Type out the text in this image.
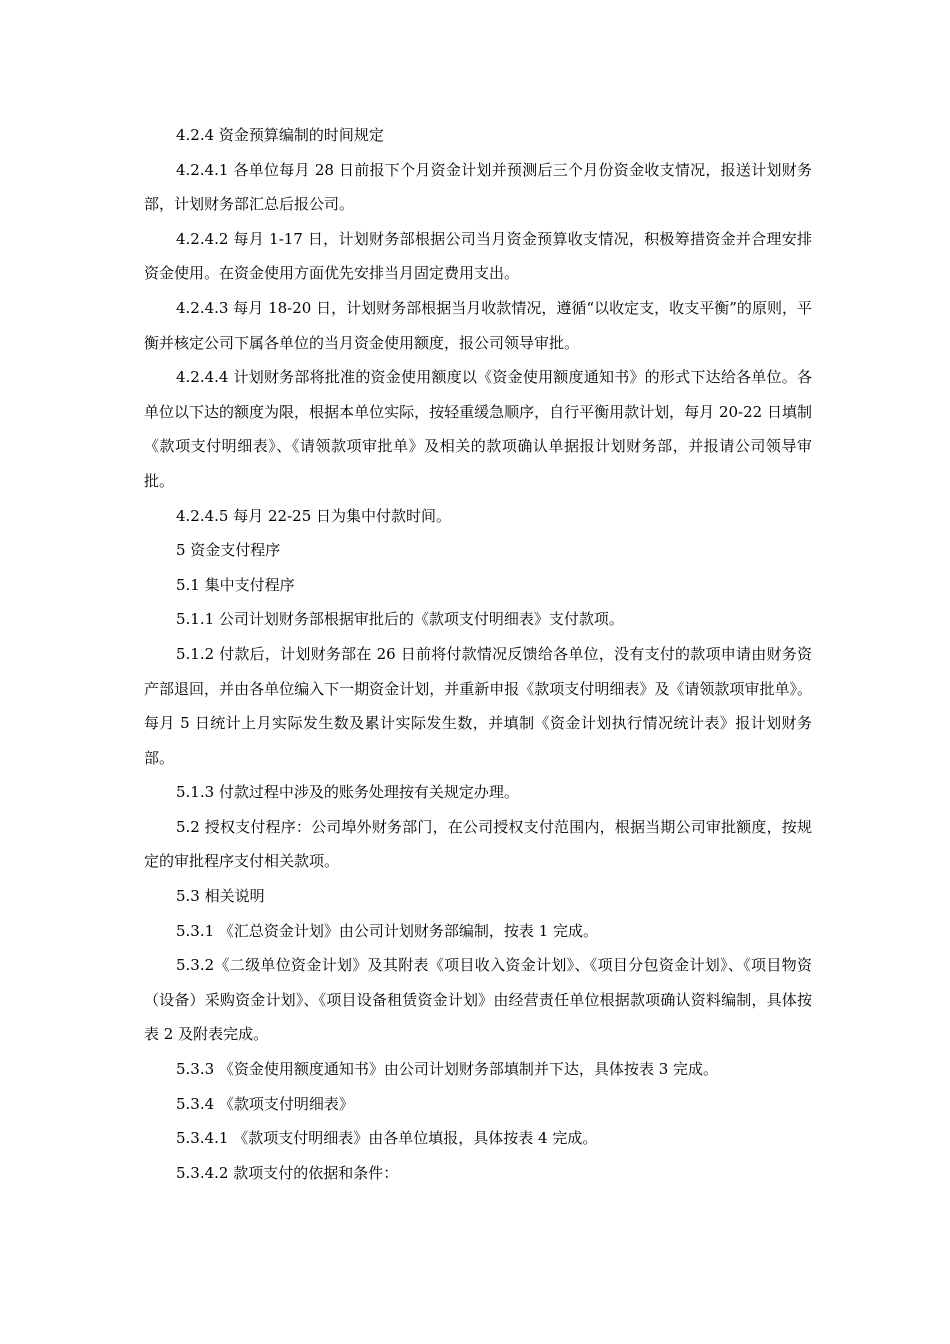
4.2.4 资金预算编制的时间规定

4.2.4.1 各单位每月 28 日前报下个月资金计划并预测后三个月份资金收支情况，报送计划财务部，计划财务部汇总后报公司。

4.2.4.2 每月 1-17 日，计划财务部根据公司当月资金预算收支情况，积极筹措资金并合理安排资金使用。在资金使用方面优先安排当月固定费用支出。

4.2.4.3 每月 18-20 日，计划财务部根据当月收款情况，遵循“以收定支，收支平衡”的原则，平衡并核定公司下属各单位的当月资金使用额度，报公司领导审批。

4.2.4.4 计划财务部将批准的资金使用额度以《资金使用额度通知书》的形式下达给各单位。各单位以下达的额度为限，根据本单位实际，按轻重缓急顺序，自行平衡用款计划，每月 20-22 日填制《款项支付明细表》、《请领款项审批单》及相关的款项确认单据报计划财务部，并报请公司领导审批。

4.2.4.5 每月 22-25 日为集中付款时间。

5 资金支付程序

5.1 集中支付程序

5.1.1 公司计划财务部根据审批后的《款项支付明细表》支付款项。

5.1.2 付款后，计划财务部在 26 日前将付款情况反馈给各单位，没有支付的款项申请由财务资产部退回，并由各单位编入下一期资金计划，并重新申报《款项支付明细表》及《请领款项审批单》。每月 5 日统计上月实际发生数及累计实际发生数，并填制《资金计划执行情况统计表》报计划财务部。

5.1.3 付款过程中涉及的账务处理按有关规定办理。

5.2 授权支付程序：公司埠外财务部门，在公司授权支付范围内，根据当期公司审批额度，按规定的审批程序支付相关款项。

5.3 相关说明

5.3.1 《汇总资金计划》由公司计划财务部编制，按表 1 完成。

5.3.2《二级单位资金计划》及其附表《项目收入资金计划》、《项目分包资金计划》、《项目物资（设备）采购资金计划》、《项目设备租赁资金计划》由经营责任单位根据款项确认资料编制，具体按表 2 及附表完成。

5.3.3 《资金使用额度通知书》由公司计划财务部填制并下达，具体按表 3 完成。

5.3.4 《款项支付明细表》

5.3.4.1 《款项支付明细表》由各单位填报，具体按表 4 完成。

5.3.4.2 款项支付的依据和条件：
